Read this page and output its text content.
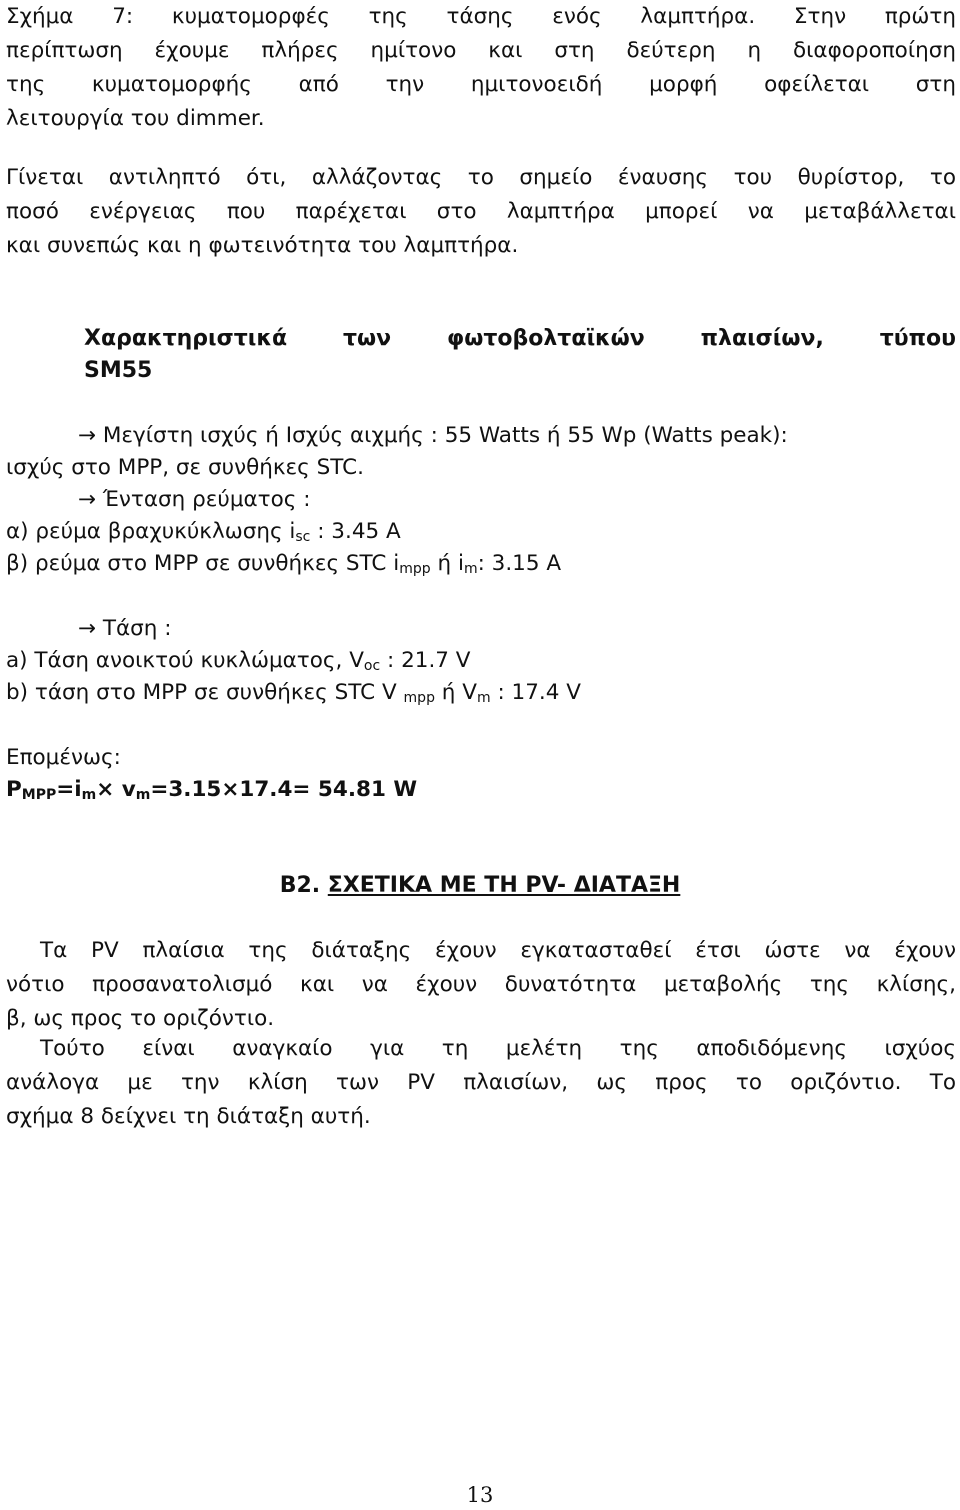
Σχήμα 7: κυματομορφές της τάσης ενός λαμπτήρα. Στην πρώτη
περίπτωση έχουμε πλήρες ημίτονο και στη δεύτερη η διαφοροποίηση
της κυματομορφής από την ημιτονοειδή μορφή οφείλεται στη
λειτουργία του dimmer.
Γίνεται αντιληπτό ότι, αλλάζοντας το σημείο έναυσης του θυρίστορ, το
ποσό ενέργειας που παρέχεται στο λαμπτήρα μπορεί να μεταβάλλεται
και συνεπώς και η φωτεινότητα του λαμπτήρα.
Χαρακτηριστικά των φωτοβολταϊκών πλαισίων, τύπου
SM55
→ Μεγίστη ισχύς ή Ισχύς αιχμής : 55 Watts ή 55 Wp (Watts peak):
ισχύς στο MPP, σε συνθήκες STC.
→ Ένταση ρεύματος :
α) ρεύμα βραχυκύκλωσης $i_{sc}$ : 3.45 A
β) ρεύμα στο MPP σε συνθήκες STC $i_{mpp}$ ή $i_m$: 3.15 A
→ Τάση :
a) Τάση ανοικτού κυκλώματος, $V_{oc}$ : 21.7 V
b) τάση στο MPP σε συνθήκες STC V $_{mpp}$ ή $V_m$ : 17.4 V
Επομένως:
$P_{MPP}=i_m\times v_m=3.15\times 17.4= 54.81$ W
B2. ΣΧΕΤΙΚΑ ΜΕ ΤΗ PV- ΔΙΑΤΑΞΗ
Τα PV πλαίσια της διάταξης έχουν εγκατασταθεί έτσι ώστε να έχουν
νότιο προσανατολισμό και να έχουν δυνατότητα μεταβολής της κλίσης,
β, ως προς το οριζόντιο.
Τούτο είναι αναγκαίο για τη μελέτη της αποδιδόμενης ισχύος
ανάλογα με την κλίση των PV πλαισίων, ως προς το οριζόντιο. Το
σχήμα 8 δείχνει τη διάταξη αυτή.
13
